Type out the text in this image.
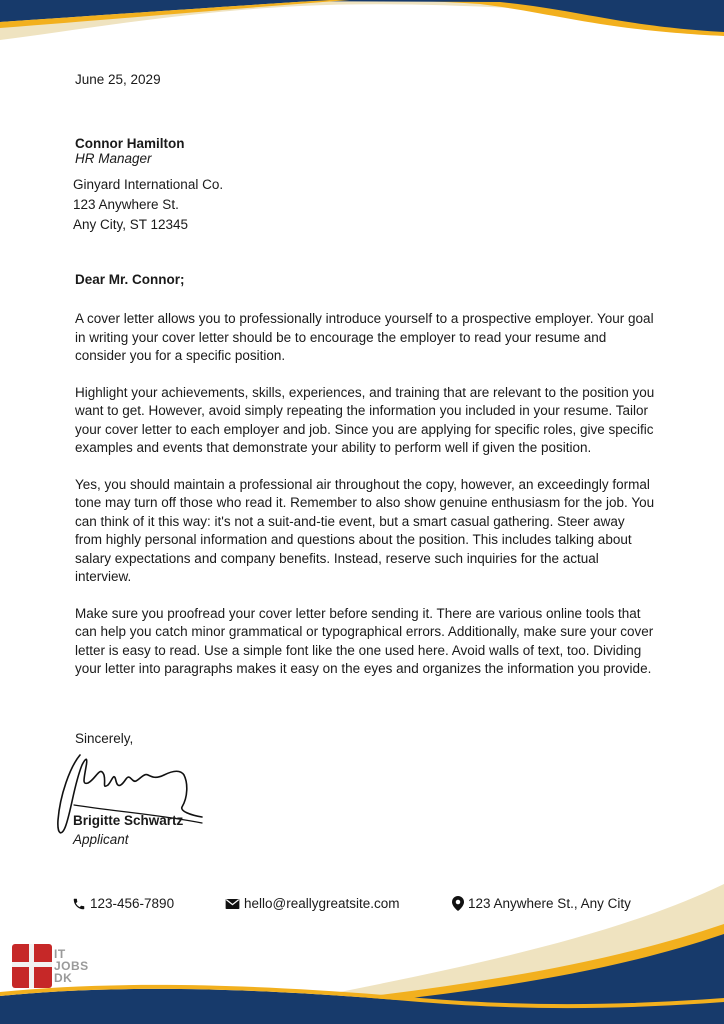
June 25, 2029
Connor Hamilton
HR Manager
Ginyard International Co.
123 Anywhere St.
Any City, ST 12345
Dear Mr. Connor;

A cover letter allows you to professionally introduce yourself to a prospective employer. Your goal in writing your cover letter should be to encourage the employer to read your resume and consider you for a specific position.

Highlight your achievements, skills, experiences, and training that are relevant to the position you want to get. However, avoid simply repeating the information you included in your resume. Tailor your cover letter to each employer and job. Since you are applying for specific roles, give specific examples and events that demonstrate your ability to perform well if given the position.

Yes, you should maintain a professional air throughout the copy, however, an exceedingly formal tone may turn off those who read it. Remember to also show genuine enthusiasm for the job. You can think of it this way: it's not a suit-and-tie event, but a smart casual gathering. Steer away from highly personal information and questions about the position. This includes talking about salary expectations and company benefits. Instead, reserve such inquiries for the actual interview.

Make sure you proofread your cover letter before sending it. There are various online tools that can help you catch minor grammatical or typographical errors. Additionally, make sure your cover letter is easy to read. Use a simple font like the one used here. Avoid walls of text, too. Dividing your letter into paragraphs makes it easy on the eyes and organizes the information you provide.

Sincerely,
Brigitte Schwartz
Applicant
123-456-7890	hello@reallygreatsite.com	123 Anywhere St., Any City
IT
JOBS
DK
